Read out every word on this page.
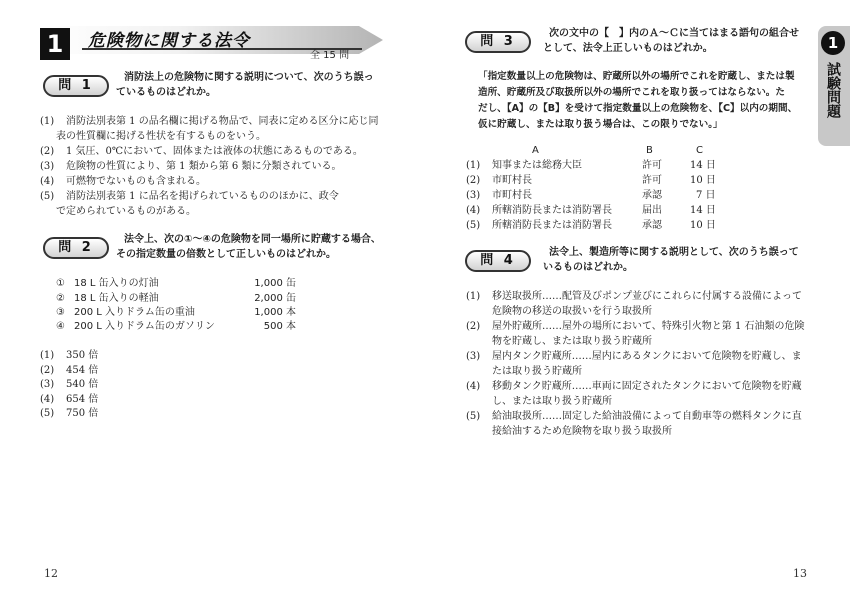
1	危険物に関する法令
全 15 問
問 1
消防法上の危険物に関する説明について、次のうち誤っ
ているものはどれか。
(1)	消防法別表第 1 の品名欄に掲げる物品で、同表に定める区分に応じ同
表の性質欄に掲げる性状を有するものをいう。
(2)	1 気圧、0℃において、固体または液体の状態にあるものである。
(3)	危険物の性質により、第 1 類から第 6 類に分類されている。
(4)	可燃物でないものも含まれる。
(5)	消防法別表第 1 に品名を掲げられているもののほかに、政令
で定められているものがある。
問 2
法令上、次の①～④の危険物を同一場所に貯蔵する場合、
その指定数量の倍数として正しいものはどれか。
① 18 L 缶入りの灯油	1,000 缶
② 18 L 缶入りの軽油	2,000 缶
③ 200 L 入りドラム缶の重油	1,000 本
④ 200 L 入りドラム缶のガソリン	500 本
(1)	350 倍
(2)	454 倍
(3)	540 倍
(4)	654 倍
(5)	750 倍
12
1
試験問題
問 3
次の文中の【　】内のＡ～Ｃに当てはまる語句の組合せ
として、法令上正しいものはどれか。
「指定数量以上の危険物は、貯蔵所以外の場所でこれを貯蔵し、または製
造所、貯蔵所及び取扱所以外の場所でこれを取り扱ってはならない。た
だし、【A】の【B】を受けて指定数量以上の危険物を、【C】以内の期間、
仮に貯蔵し、または取り扱う場合は、この限りでない。」
A	B	C
(1) 知事または総務大臣	許可	14 日
(2) 市町村長	許可	10 日
(3) 市町村長	承認	7 日
(4) 所轄消防長または消防署長	届出	14 日
(5) 所轄消防長または消防署長	承認	10 日
問 4
法令上、製造所等に関する説明として、次のうち誤って
いるものはどれか。
(1)	移送取扱所……配管及びポンプ並びにこれらに付属する設備によって
危険物の移送の取扱いを行う取扱所
(2)	屋外貯蔵所……屋外の場所において、特殊引火物と第 1 石油類の危険
物を貯蔵し、または取り扱う貯蔵所
(3)	屋内タンク貯蔵所……屋内にあるタンクにおいて危険物を貯蔵し、ま
たは取り扱う貯蔵所
(4)	移動タンク貯蔵所……車両に固定されたタンクにおいて危険物を貯蔵
し、または取り扱う貯蔵所
(5)	給油取扱所……固定した給油設備によって自動車等の燃料タンクに直
接給油するため危険物を取り扱う取扱所
13
